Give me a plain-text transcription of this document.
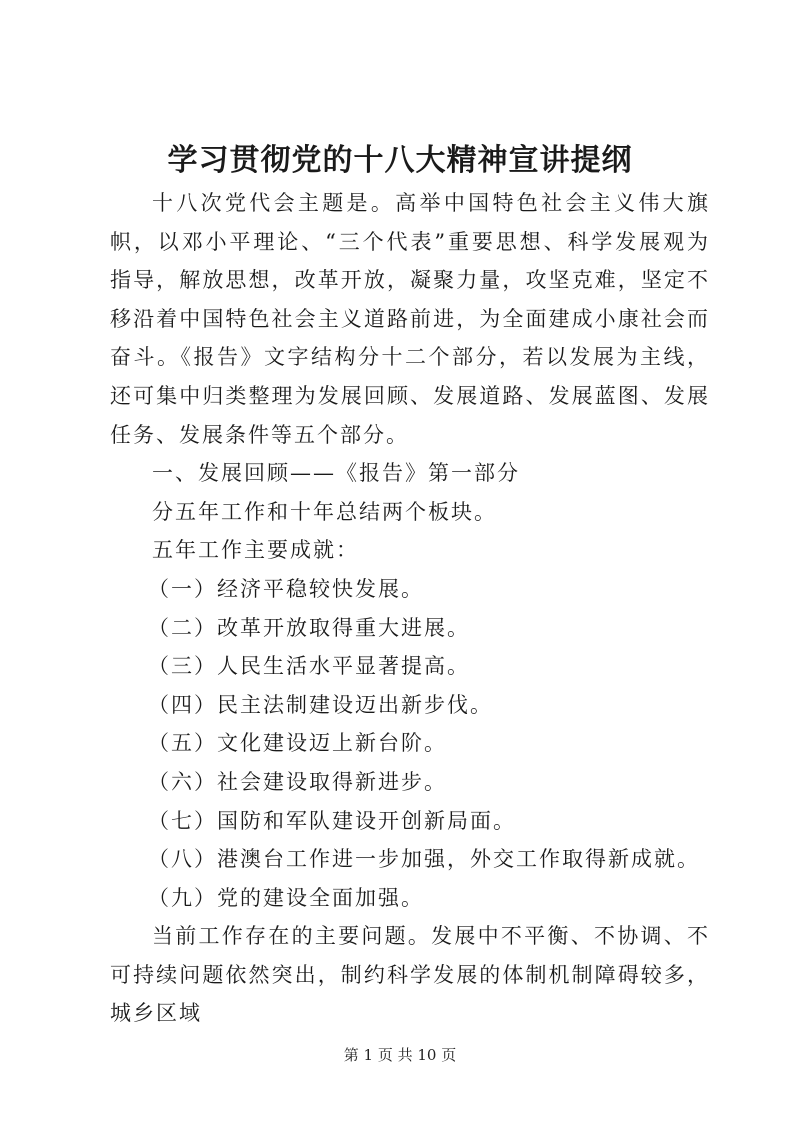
学习贯彻党的十八大精神宣讲提纲

十八次党代会主题是。高举中国特色社会主义伟大旗帜，以邓小平理论、“三个代表”重要思想、科学发展观为指导，解放思想，改革开放，凝聚力量，攻坚克难，坚定不移沿着中国特色社会主义道路前进，为全面建成小康社会而奋斗。《报告》文字结构分十二个部分，若以发展为主线，还可集中归类整理为发展回顾、发展道路、发展蓝图、发展任务、发展条件等五个部分。

一、发展回顾——《报告》第一部分

分五年工作和十年总结两个板块。

五年工作主要成就：

（一）经济平稳较快发展。

（二）改革开放取得重大进展。

（三）人民生活水平显著提高。

（四）民主法制建设迈出新步伐。

（五）文化建设迈上新台阶。

（六）社会建设取得新进步。

（七）国防和军队建设开创新局面。

（八）港澳台工作进一步加强，外交工作取得新成就。

（九）党的建设全面加强。

当前工作存在的主要问题。发展中不平衡、不协调、不可持续问题依然突出，制约科学发展的体制机制障碍较多，城乡区域

第 1 页 共 10 页
